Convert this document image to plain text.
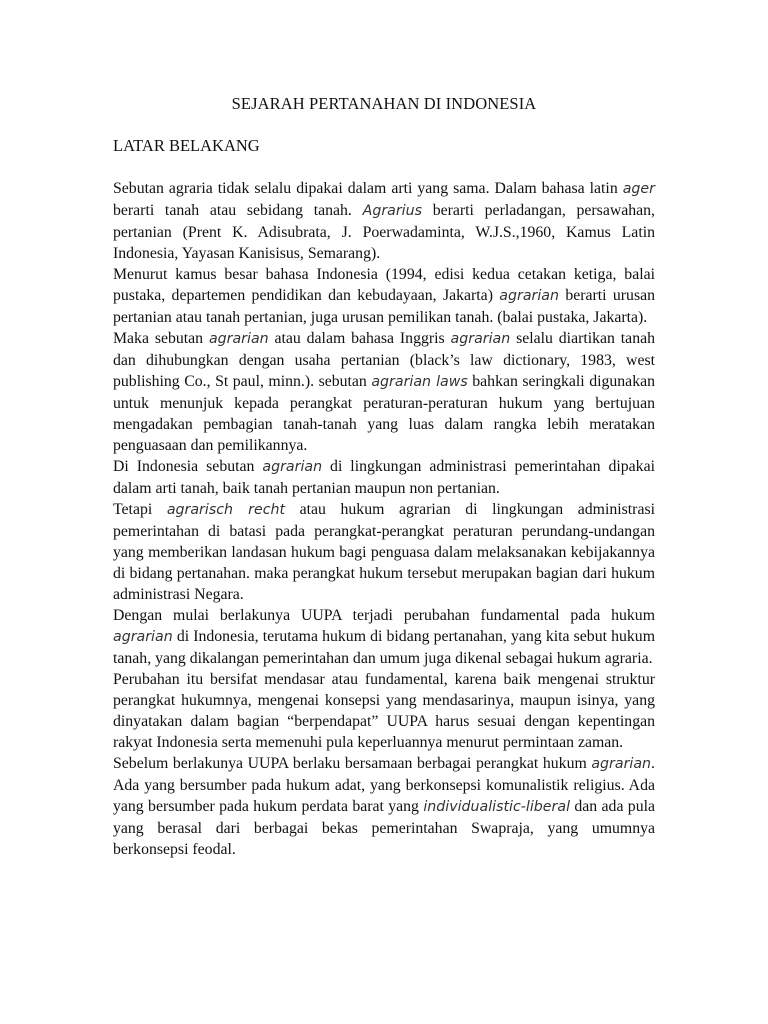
SEJARAH PERTANAHAN DI INDONESIA
LATAR BELAKANG

Sebutan agraria tidak selalu dipakai dalam arti yang sama. Dalam bahasa latin ager berarti tanah atau sebidang tanah. Agrarius berarti perladangan, persawahan, pertanian (Prent K. Adisubrata, J. Poerwadaminta, W.J.S.,1960, Kamus Latin Indonesia, Yayasan Kanisisus, Semarang).

Menurut kamus besar bahasa Indonesia (1994, edisi kedua cetakan ketiga, balai pustaka, departemen pendidikan dan kebudayaan, Jakarta) agrarian berarti urusan pertanian atau tanah pertanian, juga urusan pemilikan tanah. (balai pustaka, Jakarta).

Maka sebutan agrarian atau dalam bahasa Inggris agrarian selalu diartikan tanah dan dihubungkan dengan usaha pertanian (black’s law dictionary, 1983, west publishing Co., St paul, minn.). sebutan agrarian laws bahkan seringkali digunakan untuk menunjuk kepada perangkat peraturan-peraturan hukum yang bertujuan mengadakan pembagian tanah-tanah yang luas dalam rangka lebih meratakan penguasaan dan pemilikannya.

Di Indonesia sebutan agrarian di lingkungan administrasi pemerintahan dipakai dalam arti tanah, baik tanah pertanian maupun non pertanian.

Tetapi agrarisch recht atau hukum agrarian di lingkungan administrasi pemerintahan di batasi pada perangkat-perangkat peraturan perundang-undangan yang memberikan landasan hukum bagi penguasa dalam melaksanakan kebijakannya di bidang pertanahan. maka perangkat hukum tersebut merupakan bagian dari hukum administrasi Negara.

Dengan mulai berlakunya UUPA terjadi perubahan fundamental pada hukum agrarian di Indonesia, terutama hukum di bidang pertanahan, yang kita sebut hukum tanah, yang dikalangan pemerintahan dan umum juga dikenal sebagai hukum agraria.

Perubahan itu bersifat mendasar atau fundamental, karena baik mengenai struktur perangkat hukumnya, mengenai konsepsi yang mendasarinya, maupun isinya, yang dinyatakan dalam bagian “berpendapat” UUPA harus sesuai dengan kepentingan rakyat Indonesia serta memenuhi pula keperluannya menurut permintaan zaman.

Sebelum berlakunya UUPA berlaku bersamaan berbagai perangkat hukum agrarian. Ada yang bersumber pada hukum adat, yang berkonsepsi komunalistik religius. Ada yang bersumber pada hukum perdata barat yang individualistic-liberal dan ada pula yang berasal dari berbagai bekas pemerintahan Swapraja, yang umumnya berkonsepsi feodal.
